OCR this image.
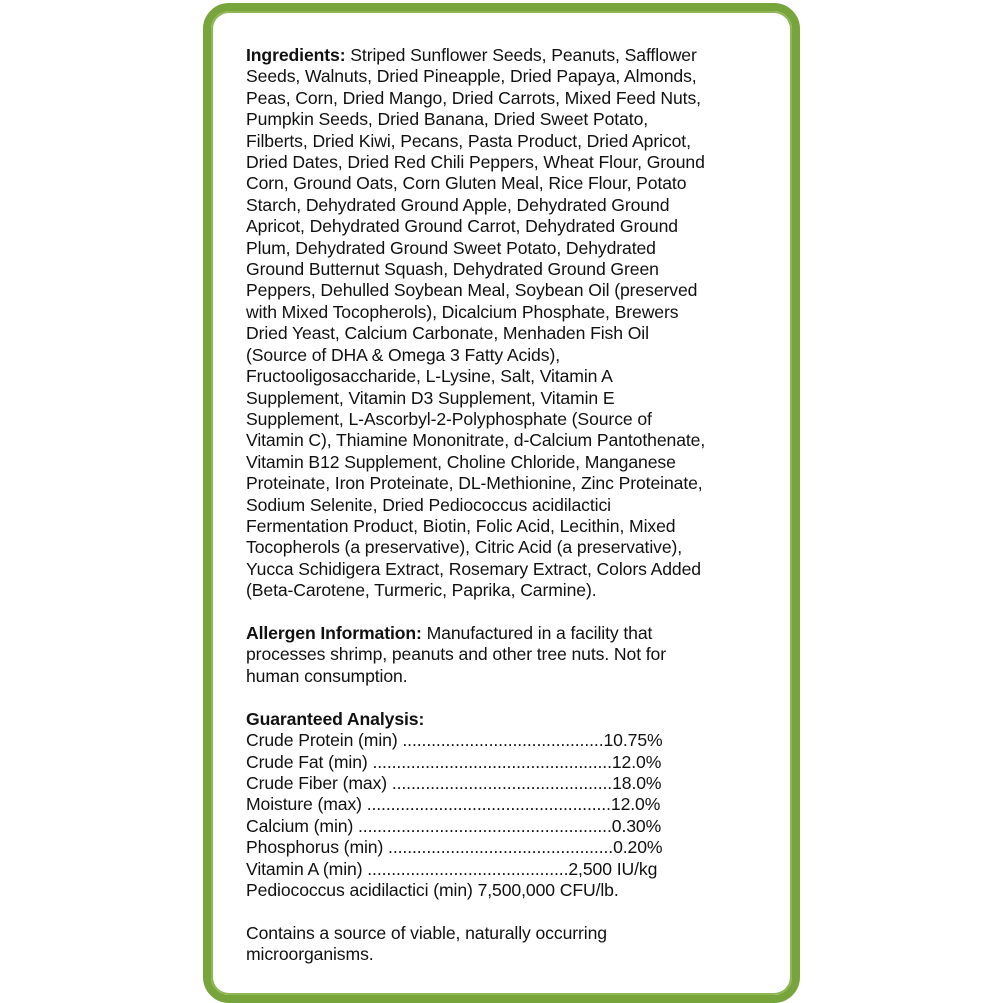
Ingredients: Striped Sunflower Seeds, Peanuts, Safflower
Seeds, Walnuts, Dried Pineapple, Dried Papaya, Almonds,
Peas, Corn, Dried Mango, Dried Carrots, Mixed Feed Nuts,
Pumpkin Seeds, Dried Banana, Dried Sweet Potato,
Filberts, Dried Kiwi, Pecans, Pasta Product, Dried Apricot,
Dried Dates, Dried Red Chili Peppers, Wheat Flour, Ground
Corn, Ground Oats, Corn Gluten Meal, Rice Flour, Potato
Starch, Dehydrated Ground Apple, Dehydrated Ground
Apricot, Dehydrated Ground Carrot, Dehydrated Ground
Plum, Dehydrated Ground Sweet Potato, Dehydrated
Ground Butternut Squash, Dehydrated Ground Green
Peppers, Dehulled Soybean Meal, Soybean Oil (preserved
with Mixed Tocopherols), Dicalcium Phosphate, Brewers
Dried Yeast, Calcium Carbonate, Menhaden Fish Oil
(Source of DHA & Omega 3 Fatty Acids),
Fructooligosaccharide, L-Lysine, Salt, Vitamin A
Supplement, Vitamin D3 Supplement, Vitamin E
Supplement, L-Ascorbyl-2-Polyphosphate (Source of
Vitamin C), Thiamine Mononitrate, d-Calcium Pantothenate,
Vitamin B12 Supplement, Choline Chloride, Manganese
Proteinate, Iron Proteinate, DL-Methionine, Zinc Proteinate,
Sodium Selenite, Dried Pediococcus acidilactici
Fermentation Product, Biotin, Folic Acid, Lecithin, Mixed
Tocopherols (a preservative), Citric Acid (a preservative),
Yucca Schidigera Extract, Rosemary Extract, Colors Added
(Beta-Carotene, Turmeric, Paprika, Carmine).

Allergen Information: Manufactured in a facility that
processes shrimp, peanuts and other tree nuts. Not for
human consumption.

Guaranteed Analysis:
Crude Protein (min) ..........................................10.75%
Crude Fat (min) ..................................................12.0%
Crude Fiber (max) ..............................................18.0%
Moisture (max) ...................................................12.0%
Calcium (min) .....................................................0.30%
Phosphorus (min) ...............................................0.20%
Vitamin A (min) ..........................................2,500 IU/kg
Pediococcus acidilactici (min) 7,500,000 CFU/lb.

Contains a source of viable, naturally occurring
microorganisms.
